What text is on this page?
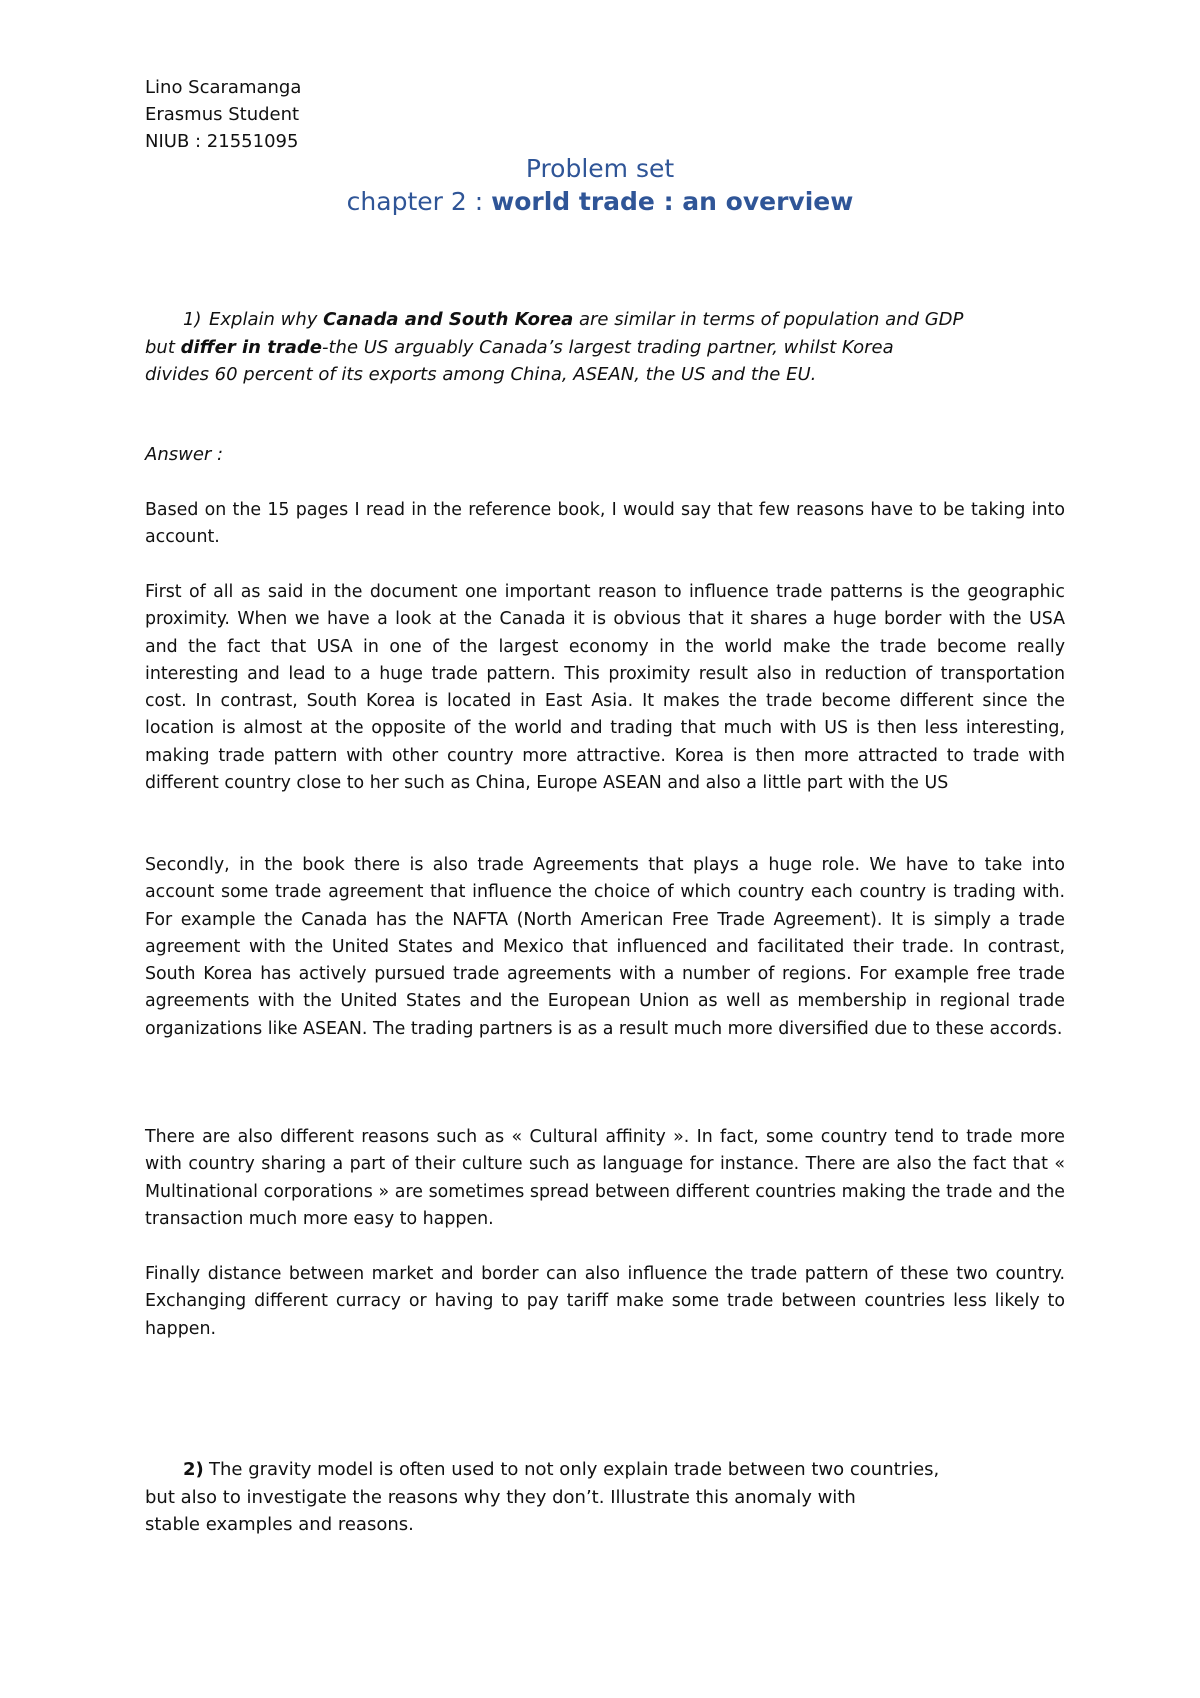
Lino Scaramanga
Erasmus Student
NIUB : 21551095
Problem set
chapter 2 : world trade : an overview
1) Explain why Canada and South Korea are similar in terms of population and GDP
but differ in trade-the US arguably Canada’s largest trading partner, whilst Korea
divides 60 percent of its exports among China, ASEAN, the US and the EU.
Answer :
Based on the 15 pages I read in the reference book, I would say that few reasons have to be taking into account.
First of all as said in the document one important reason to influence trade patterns is the geographic proximity. When we have a look at the Canada it is obvious that it shares a huge border with the USA and the fact that USA in one of the largest economy in the world make the trade become really interesting and lead to a huge trade pattern. This proximity result also in reduction of transportation cost. In contrast, South Korea is located in East Asia. It makes the trade become different since the location is almost at the opposite of the world and trading that much with US is then less interesting, making trade pattern with other country more attractive. Korea is then more attracted to trade with different country close to her such as China, Europe ASEAN and also a little part with the US
Secondly, in the book there is also trade Agreements that plays a huge role. We have to take into account some trade agreement that influence the choice of which country each country is trading with. For example the Canada has the NAFTA (North American Free Trade Agreement). It is simply a trade agreement with the United States and Mexico that influenced and facilitated their trade. In contrast, South Korea has actively pursued trade agreements with a number of regions. For example free trade agreements with the United States and the European Union as well as membership in regional trade organizations like ASEAN. The trading partners is as a result much more diversified due to these accords.
There are also different reasons such as « Cultural affinity ». In fact, some country tend to trade more with country sharing a part of their culture such as language for instance. There are also the fact that « Multinational corporations » are sometimes spread between different countries making the trade and the transaction much more easy to happen.
Finally distance between market and border can also influence the trade pattern of these two country. Exchanging different curracy or having to pay tariff make some trade between countries less likely to happen.
2) The gravity model is often used to not only explain trade between two countries,
but also to investigate the reasons why they don’t. Illustrate this anomaly with
stable examples and reasons.
